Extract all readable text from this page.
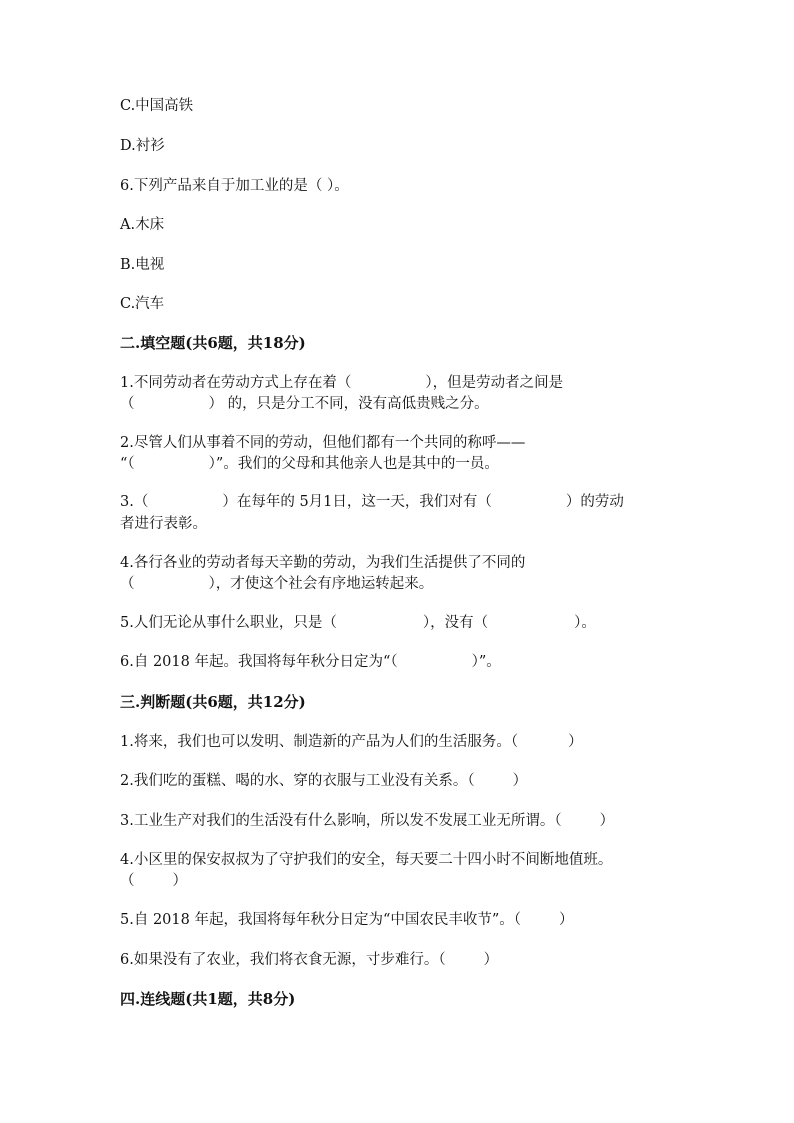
C.中国高铁
D.衬衫
6.下列产品来自于加工业的是（ ）。
A.木床
B.电视
C.汽车
二.填空题(共6题，共18分)
1.不同劳动者在劳动方式上存在着（	），但是劳动者之间是
（	） 的，只是分工不同，没有高低贵贱之分。
2.尽管人们从事着不同的劳动，但他们都有一个共同的称呼——
“（	）”。我们的父母和其他亲人也是其中的一员。
3.（	）在每年的 5月1日，这一天，我们对有（	）的劳动
者进行表彰。
4.各行各业的劳动者每天辛勤的劳动，为我们生活提供了不同的
（	），才使这个社会有序地运转起来。
5.人们无论从事什么职业，只是（	），没有（	）。
6.自 2018 年起。我国将每年秋分日定为“（	）”。
三.判断题(共6题，共12分)
1.将来，我们也可以发明、制造新的产品为人们的生活服务。（	）
2.我们吃的蛋糕、喝的水、穿的衣服与工业没有关系。（	）
3.工业生产对我们的生活没有什么影响，所以发不发展工业无所谓。（	）
4.小区里的保安叔叔为了守护我们的安全，每天要二十四小时不间断地值班。
（	）
5.自 2018 年起，我国将每年秋分日定为“中国农民丰收节”。（	）
6.如果没有了农业，我们将衣食无源，寸步难行。（	）
四.连线题(共1题，共8分)
